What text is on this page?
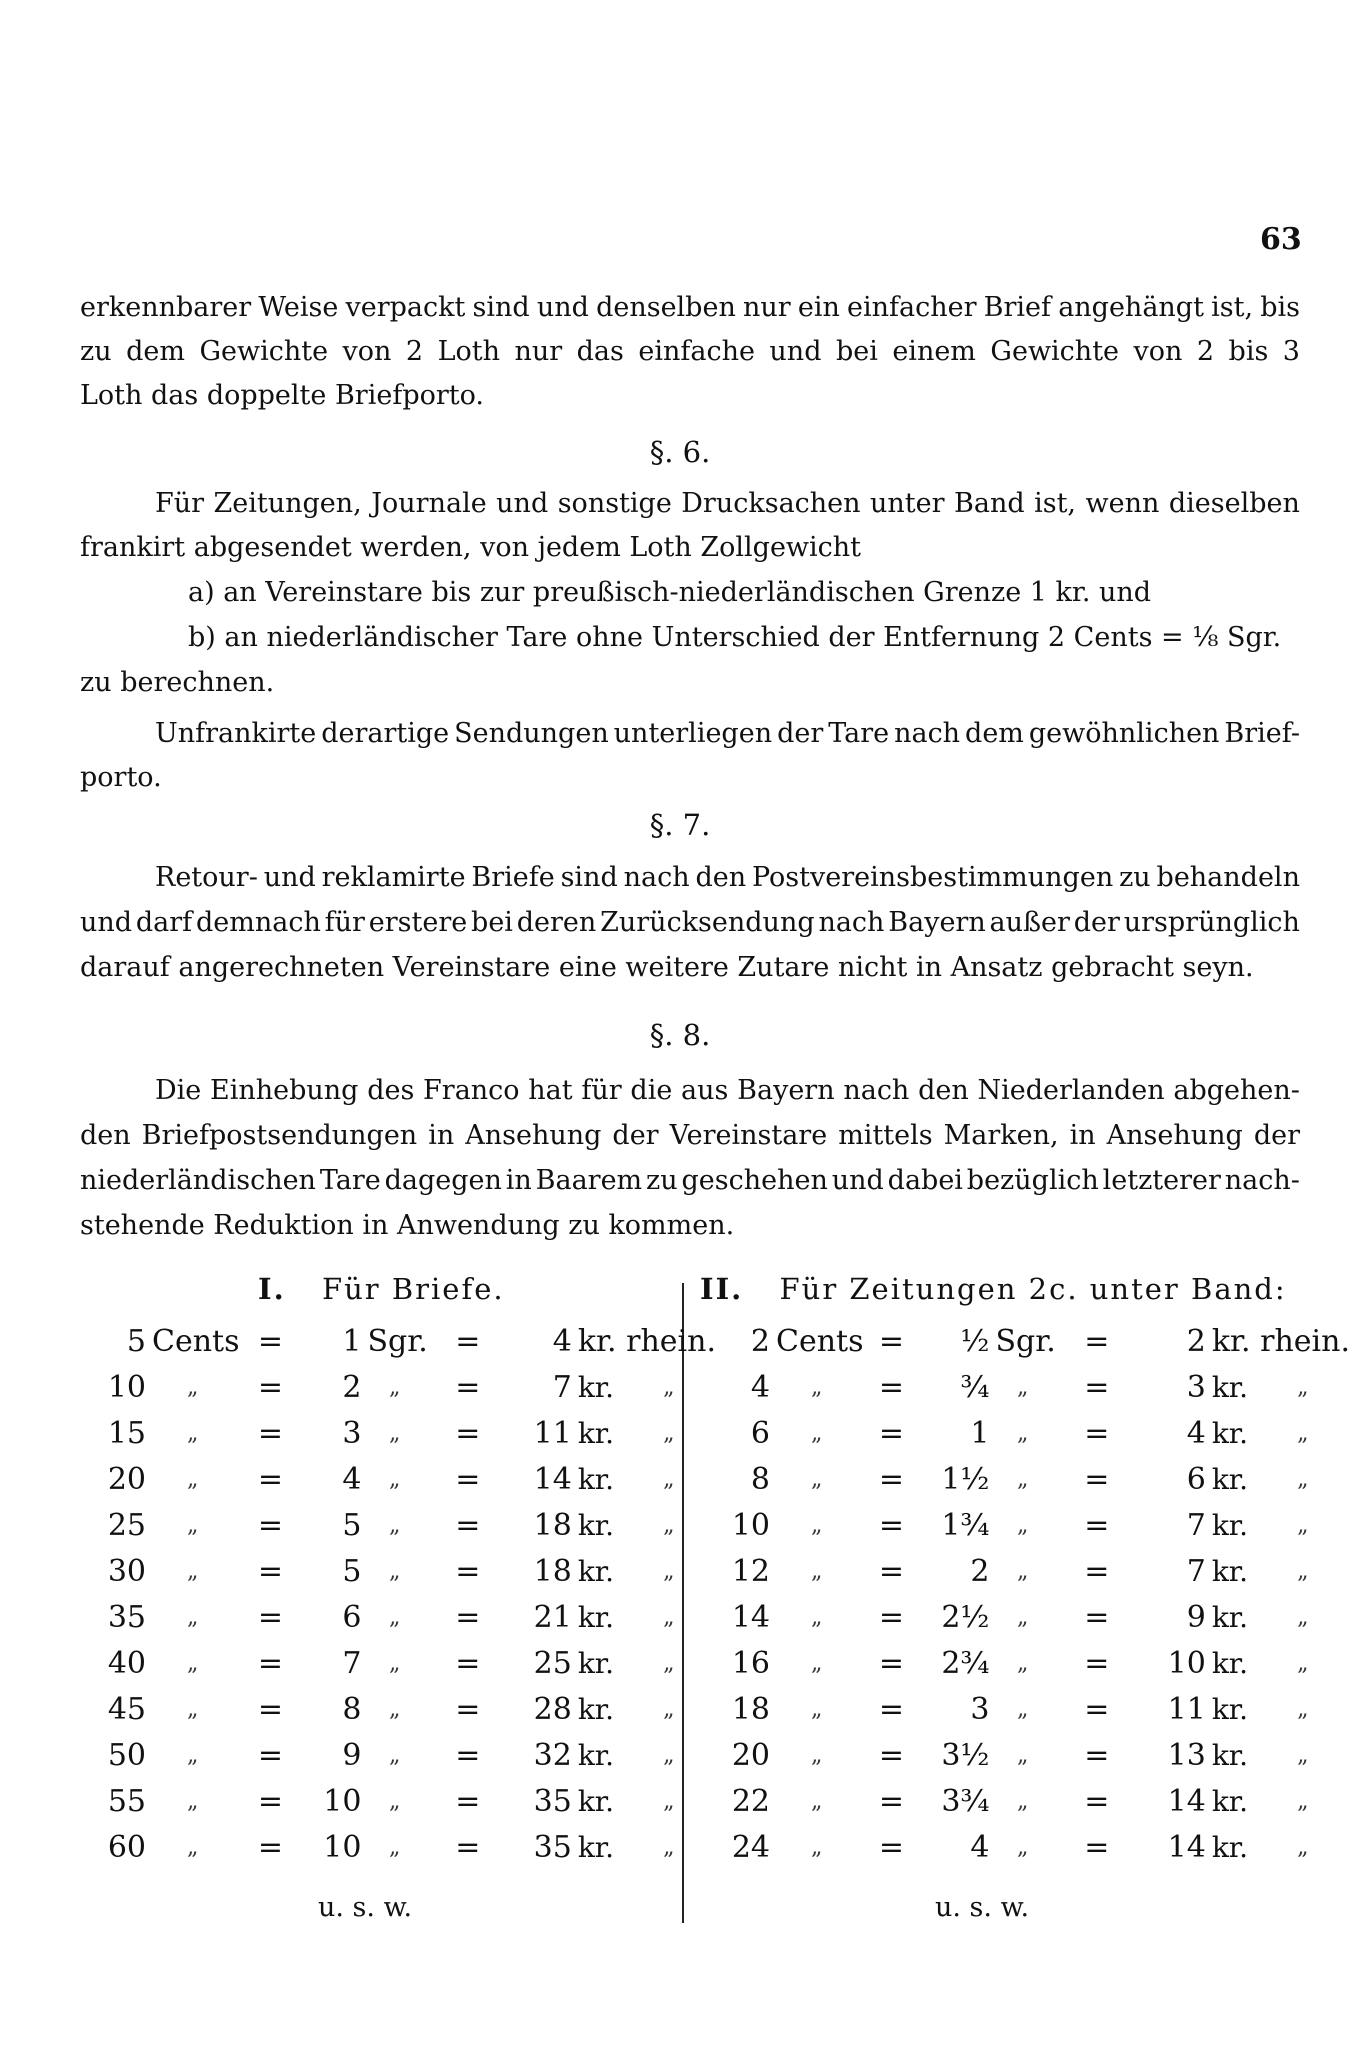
63
erkennbarer Weise verpackt sind und denselben nur ein einfacher Brief angehängt ist, bis
zu dem Gewichte von 2 Loth nur das einfache und bei einem Gewichte von 2 bis 3
Loth das doppelte Briefporto.
§. 6.
Für Zeitungen, Journale und sonstige Drucksachen unter Band ist, wenn dieselben
frankirt abgesendet werden, von jedem Loth Zollgewicht
a) an Vereinstare bis zur preußisch-niederländischen Grenze 1 kr. und
b) an niederländischer Tare ohne Unterschied der Entfernung 2 Cents = ⅛ Sgr.
zu berechnen.
Unfrankirte derartige Sendungen unterliegen der Tare nach dem gewöhnlichen Brief-
porto.
§. 7.
Retour- und reklamirte Briefe sind nach den Postvereinsbestimmungen zu behandeln
und darf demnach für erstere bei deren Zurücksendung nach Bayern außer der ursprünglich
darauf angerechneten Vereinstare eine weitere Zutare nicht in Ansatz gebracht seyn.
§. 8.
Die Einhebung des Franco hat für die aus Bayern nach den Niederlanden abgehen-
den Briefpostsendungen in Ansehung der Vereinstare mittels Marken, in Ansehung der
niederländischen Tare dagegen in Baarem zu geschehen und dabei bezüglich letzterer nach-
stehende Reduktion in Anwendung zu kommen.
I. Für Briefe.	II. Für Zeitungen 2c. unter Band:
5	Cents	=	1	Sgr.	=	4	kr. rhein.	
10	„	=	2	„	=	7	kr.	„
15	„	=	3	„	=	11	kr.	„
20	„	=	4	„	=	14	kr.	„
25	„	=	5	„	=	18	kr.	„
30	„	=	5	„	=	18	kr.	„
35	„	=	6	„	=	21	kr.	„
40	„	=	7	„	=	25	kr.	„
45	„	=	8	„	=	28	kr.	„
50	„	=	9	„	=	32	kr.	„
55	„	=	10	„	=	35	kr.	„
60	„	=	10	„	=	35	kr.	„
2	Cents	=	½	Sgr.	=	2	kr. rhein.	
4	„	=	¾	„	=	3	kr.	„
6	„	=	1	„	=	4	kr.	„
8	„	=	1½	„	=	6	kr.	„
10	„	=	1¾	„	=	7	kr.	„
12	„	=	2	„	=	7	kr.	„
14	„	=	2½	„	=	9	kr.	„
16	„	=	2¾	„	=	10	kr.	„
18	„	=	3	„	=	11	kr.	„
20	„	=	3½	„	=	13	kr.	„
22	„	=	3¾	„	=	14	kr.	„
24	„	=	4	„	=	14	kr.	„
u. s. w.	u. s. w.
